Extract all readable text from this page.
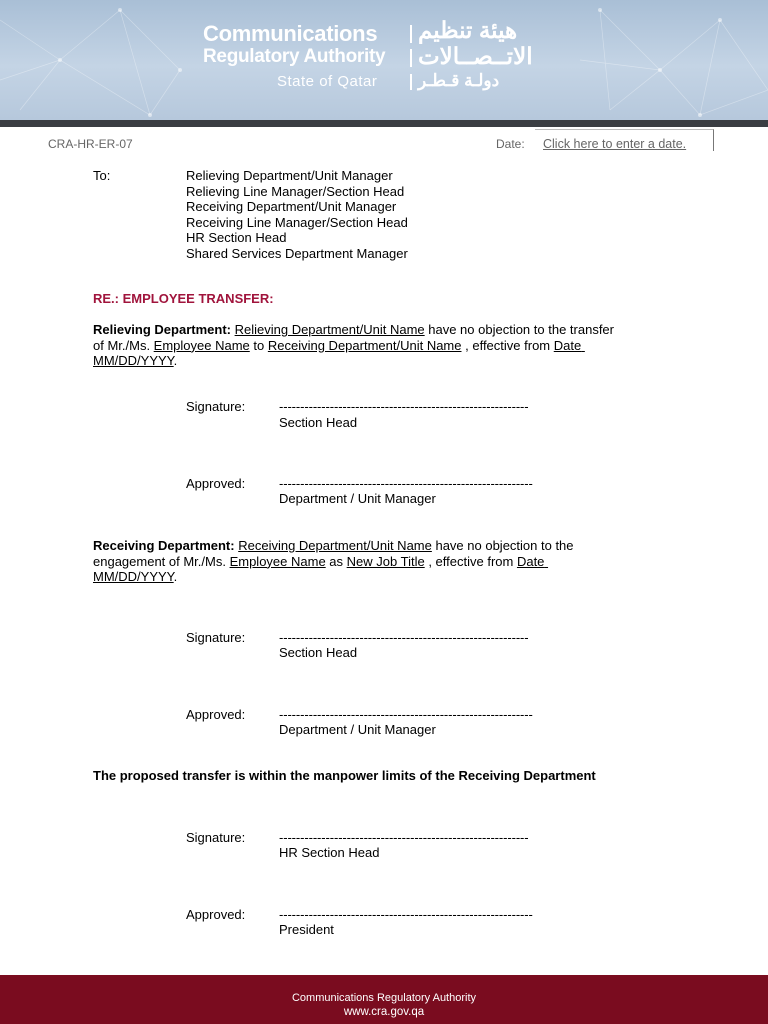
Communications
Regulatory Authority
State of Qatar
هيئة تنظيم
الاتــصــالات
دولـة قـطـر
CRA-HR-ER-07	Date: Click here to enter a date.
To:	Relieving Department/Unit Manager
Relieving Line Manager/Section Head
Receiving Department/Unit Manager
Receiving Line Manager/Section Head
HR Section Head
Shared Services Department Manager
RE.: EMPLOYEE TRANSFER:
Relieving Department: Relieving Department/Unit Name have no objection to the transfer
of Mr./Ms. Employee Name to Receiving Department/Unit Name , effective from Date
MM/DD/YYYY.
Signature:	-----------------------------------------------------------
Section Head
Approved:	------------------------------------------------------------
Department / Unit Manager
Receiving Department: Receiving Department/Unit Name have no objection to the
engagement of Mr./Ms. Employee Name as New Job Title , effective from Date
MM/DD/YYYY.
Signature:	-----------------------------------------------------------
Section Head
Approved:	------------------------------------------------------------
Department / Unit Manager
The proposed transfer is within the manpower limits of the Receiving Department
Signature:	-----------------------------------------------------------
HR Section Head
Approved:	------------------------------------------------------------
President
Communications Regulatory Authority
www.cra.gov.qa
